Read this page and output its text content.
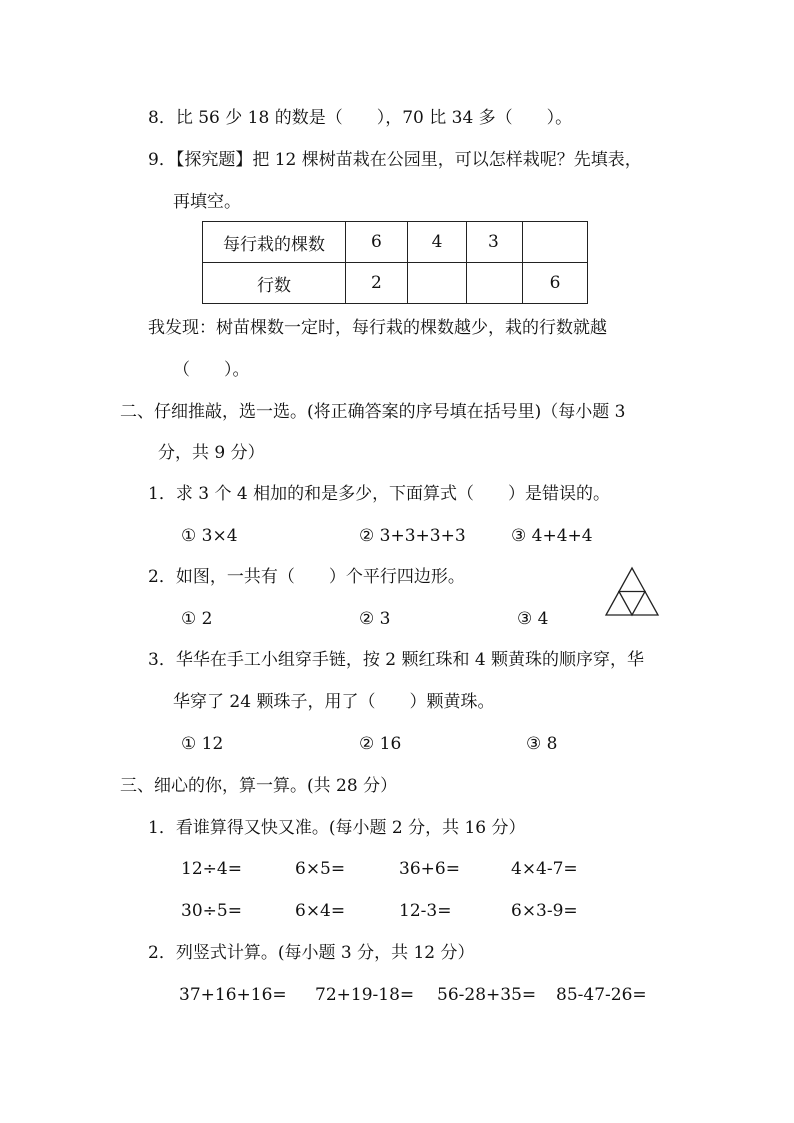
8．比 56 少 18 的数是（　　），70 比 34 多（　　）。
9．【探究题】把 12 棵树苗栽在公园里，可以怎样栽呢？先填表，
再填空。
每行栽的棵数	6	4	3	
行数	2			6
我发现：树苗棵数一定时，每行栽的棵数越少，栽的行数就越
（　　）。
二、仔细推敲，选一选。(将正确答案的序号填在括号里)（每小题 3
分，共 9 分）
1．求 3 个 4 相加的和是多少，下面算式（　　）是错误的。
① 3×4	② 3+3+3+3	③ 4+4+4
2．如图，一共有（　　）个平行四边形。
① 2	② 3	③ 4
3．华华在手工小组穿手链，按 2 颗红珠和 4 颗黄珠的顺序穿，华
华穿了 24 颗珠子，用了（　　）颗黄珠。
① 12	② 16	③ 8
三、细心的你，算一算。(共 28 分）
1．看谁算得又快又准。(每小题 2 分，共 16 分）
12÷4=	6×5=	36+6=	4×4-7=
30÷5=	6×4=	12-3=	6×3-9=
2．列竖式计算。(每小题 3 分，共 12 分）
37+16+16= 72+19-18= 56-28+35= 85-47-26=
